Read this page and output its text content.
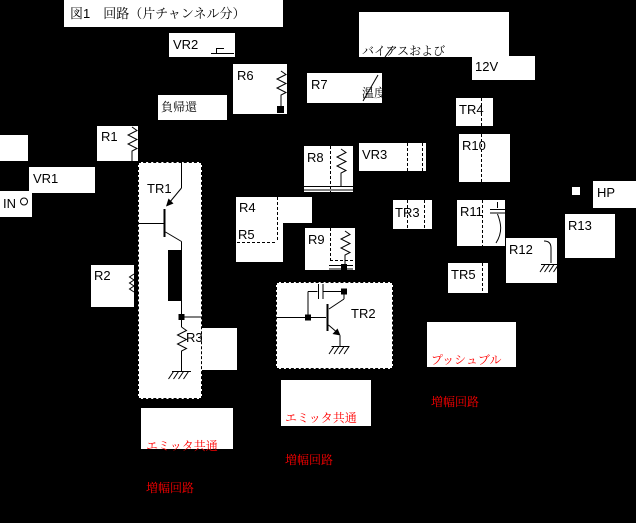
図1　回路（片チャンネル分）
VR2

	バイアスおよび

温度補償

12V
R6
R7
負帰還	TR4
R1
R10
R8	VR3
TR1
VR1
HP
IN	R4
R5
TR3	R11
R13
R9
R12
R2	TR5
TR2
R3

プッシュブル

増幅回路

エミッタ共通

増幅回路

エミッタ共通

増幅回路
